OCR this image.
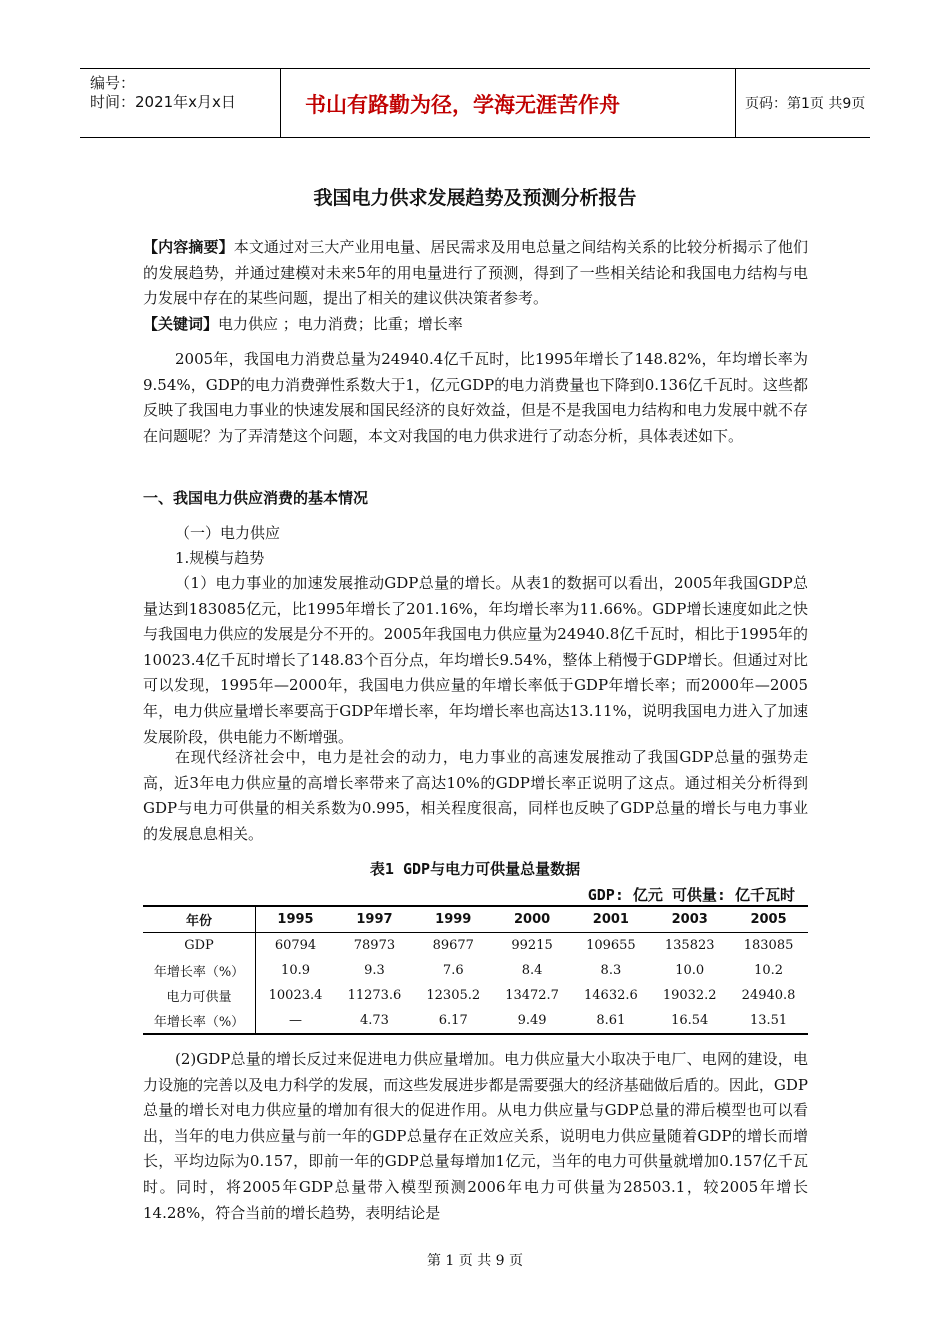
编号：
时间：2021年x月x日	书山有路勤为径，学海无涯苦作舟	页码：第1页 共9页
我国电力供求发展趋势及预测分析报告
【内容摘要】本文通过对三大产业用电量、居民需求及用电总量之间结构关系的比较分析揭示了他们的发展趋势，并通过建模对未来5年的用电量进行了预测，得到了一些相关结论和我国电力结构与电力发展中存在的某些问题，提出了相关的建议供决策者参考。
【关键词】电力供应 ；电力消费；比重；增长率
2005年，我国电力消费总量为24940.4亿千瓦时，比1995年增长了148.82%，年均增长率为9.54%，GDP的电力消费弹性系数大于1，亿元GDP的电力消费量也下降到0.136亿千瓦时。这些都反映了我国电力事业的快速发展和国民经济的良好效益，但是不是我国电力结构和电力发展中就不存在问题呢？为了弄清楚这个问题，本文对我国的电力供求进行了动态分析，具体表述如下。
一、我国电力供应消费的基本情况
（一）电力供应
1.规模与趋势
（1）电力事业的加速发展推动GDP总量的增长。从表1的数据可以看出，2005年我国GDP总量达到183085亿元，比1995年增长了201.16%，年均增长率为11.66%。GDP增长速度如此之快与我国电力供应的发展是分不开的。2005年我国电力供应量为24940.8亿千瓦时，相比于1995年的10023.4亿千瓦时增长了148.83个百分点，年均增长9.54%，整体上稍慢于GDP增长。但通过对比可以发现，1995年—2000年，我国电力供应量的年增长率低于GDP年增长率；而2000年—2005年，电力供应量增长率要高于GDP年增长率，年均增长率也高达13.11%，说明我国电力进入了加速发展阶段，供电能力不断增强。
在现代经济社会中，电力是社会的动力，电力事业的高速发展推动了我国GDP总量的强势走高，近3年电力供应量的高增长率带来了高达10%的GDP增长率正说明了这点。通过相关分析得到GDP与电力可供量的相关系数为0.995，相关程度很高，同样也反映了GDP总量的增长与电力事业的发展息息相关。
表1 GDP与电力可供量总量数据
GDP: 亿元 可供量: 亿千瓦时
年份	1995	1997	1999	2000	2001	2003	2005
GDP	60794	78973	89677	99215	109655	135823	183085
年增长率（%）	10.9	9.3	7.6	8.4	8.3	10.0	10.2
电力可供量	10023.4	11273.6	12305.2	13472.7	14632.6	19032.2	24940.8
年增长率（%）	—	4.73	6.17	9.49	8.61	16.54	13.51
(2)GDP总量的增长反过来促进电力供应量增加。电力供应量大小取决于电厂、电网的建设，电力设施的完善以及电力科学的发展，而这些发展进步都是需要强大的经济基础做后盾的。因此，GDP总量的增长对电力供应量的增加有很大的促进作用。从电力供应量与GDP总量的滞后模型也可以看出，当年的电力供应量与前一年的GDP总量存在正效应关系，说明电力供应量随着GDP的增长而增长，平均边际为0.157，即前一年的GDP总量每增加1亿元，当年的电力可供量就增加0.157亿千瓦时。同时，将2005年GDP总量带入模型预测2006年电力可供量为28503.1，较2005年增长14.28%，符合当前的增长趋势，表明结论是
第 1 页 共 9 页
